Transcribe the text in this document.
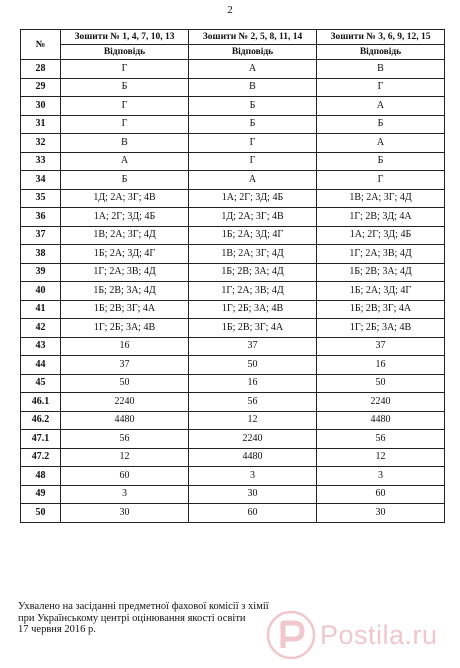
2
№	Зошити № 1, 4, 7, 10, 13	Зошити № 2, 5, 8, 11, 14	Зошити № 3, 6, 9, 12, 15
	Відповідь	Відповідь	Відповідь
28	Г	А	В
29	Б	В	Г
30	Г	Б	А
31	Г	Б	Б
32	В	Г	А
33	А	Г	Б
34	Б	А	Г
35	1Д; 2А; 3Г; 4В	1А; 2Г; 3Д; 4Б	1В; 2А; 3Г; 4Д
36	1А; 2Г; 3Д; 4Б	1Д; 2А; 3Г; 4В	1Г; 2В; 3Д; 4А
37	1В; 2А; 3Г; 4Д	1Б; 2А; 3Д; 4Г	1А; 2Г; 3Д; 4Б
38	1Б; 2А; 3Д; 4Г	1В; 2А; 3Г; 4Д	1Г; 2А; 3В; 4Д
39	1Г; 2А; 3В; 4Д	1Б; 2В; 3А; 4Д	1Б; 2В; 3А; 4Д
40	1Б; 2В; 3А; 4Д	1Г; 2А; 3В; 4Д	1Б; 2А; 3Д; 4Г
41	1Б; 2В; 3Г; 4А	1Г; 2Б; 3А; 4В	1Б; 2В; 3Г; 4А
42	1Г; 2Б; 3А; 4В	1Б; 2В; 3Г; 4А	1Г; 2Б; 3А; 4В
43	16	37	37
44	37	50	16
45	50	16	50
46.1	2240	56	2240
46.2	4480	12	4480
47.1	56	2240	56
47.2	12	4480	12
48	60	3	3
49	3	30	60
50	30	60	30
Ухвалено на засіданні предметної фахової комісії з хімії
при Українському центрі оцінювання якості освіти
17 червня 2016 р.	Postila.ru
